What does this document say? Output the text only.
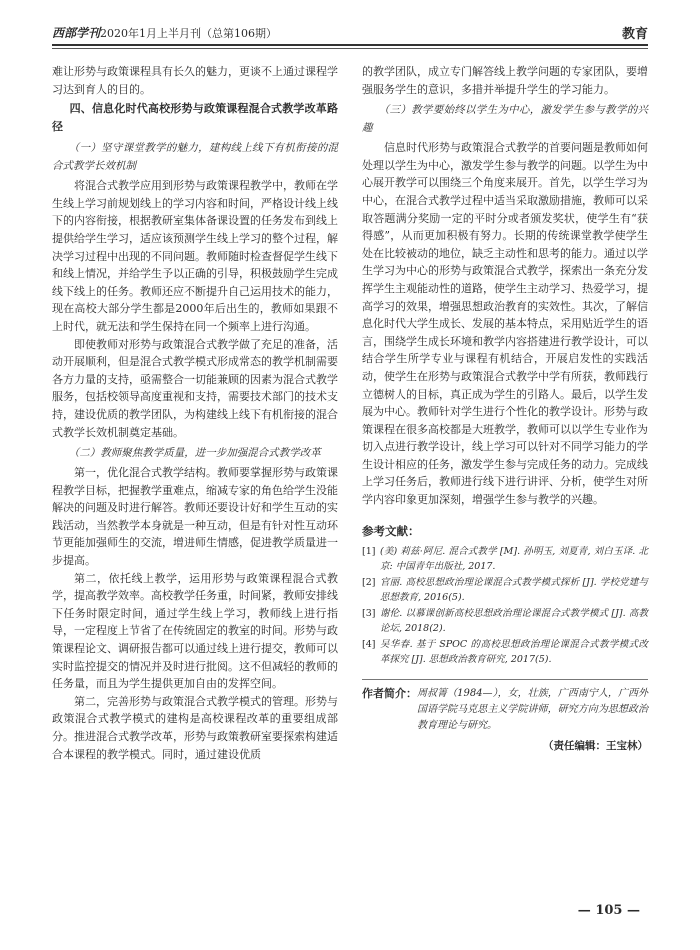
西部学刊2020年1月上半月刊（总第106期）	教育

难让形势与政策课程具有长久的魅力，更谈不上通过课程学习达到育人的目的。

四、信息化时代高校形势与政策课程混合式教学改革路径
（一）坚守课堂教学的魅力，建构线上线下有机衔接的混合式教学长效机制

将混合式教学应用到形势与政策课程教学中，教师在学生线上学习前规划线上的学习内容和时间，严格设计线上线下的内容衔接，根据教研室集体备课设置的任务发布到线上提供给学生学习，适应该预测学生线上学习的整个过程，解决学习过程中出现的不同问题。教师随时检查督促学生线下和线上情况，并给学生予以正确的引导，积极鼓励学生完成线下线上的任务。教师还应不断提升自己运用技术的能力，现在高校大部分学生都是2000年后出生的，教师如果跟不上时代，就无法和学生保持在同一个频率上进行沟通。

即使教师对形势与政策混合式教学做了充足的准备，活动开展顺利，但是混合式教学模式形成常态的教学机制需要各方力量的支持，亟需整合一切能兼顾的因素为混合式教学服务，包括校领导高度重视和支持，需要技术部门的技术支持，建设优质的教学团队，为构建线上线下有机衔接的混合式教学长效机制奠定基础。

（二）教师聚焦教学质量，进一步加强混合式教学改革

第一，优化混合式教学结构。教师要掌握形势与政策课程教学目标，把握教学重难点，缩减专家的角色给学生没能解决的问题及时进行解答。教师还要设计好和学生互动的实践活动，当然教学本身就是一种互动，但是有针对性互动环节更能加强师生的交流，增进师生情感，促进教学质量进一步提高。

第二，依托线上教学，运用形势与政策课程混合式教学，提高教学效率。高校教学任务重，时间紧，教师安排线下任务时限定时间，通过学生线上学习，教师线上进行指导，一定程度上节省了在传统固定的教室的时间。形势与政策课程论文、调研报告都可以通过线上进行提交，教师可以实时监控提交的情况并及时进行批阅。这不但减轻的教师的任务量，而且为学生提供更加自由的发挥空间。

第二，完善形势与政策混合式教学模式的管理。形势与政策混合式教学模式的建构是高校课程改革的重要组成部分。推进混合式教学改革，形势与政策教研室要探索构建适合本课程的教学模式。同时，通过建设优质

的教学团队，成立专门解答线上教学问题的专家团队，要增强服务学生的意识，多措并举提升学生的学习能力。

（三）教学要始终以学生为中心，激发学生参与教学的兴趣

信息时代形势与政策混合式教学的首要问题是教师如何处理以学生为中心，激发学生参与教学的问题。以学生为中心展开教学可以围绕三个角度来展开。首先，以学生学习为中心，在混合式教学过程中适当采取激励措施，教师可以采取答题满分奖励一定的平时分或者颁发奖状，使学生有“获得感”，从而更加积极有努力。长期的传统课堂教学使学生处在比较被动的地位，缺乏主动性和思考的能力。通过以学生学习为中心的形势与政策混合式教学，探索出一条充分发挥学生主观能动性的道路，使学生主动学习、热爱学习，提高学习的效果，增强思想政治教育的实效性。其次，了解信息化时代大学生成长、发展的基本特点，采用贴近学生的语言，围绕学生成长环境和教学内容搭建进行教学设计，可以结合学生所学专业与课程有机结合，开展启发性的实践活动，使学生在形势与政策混合式教学中学有所获，教师践行立德树人的目标，真正成为学生的引路人。最后，以学生发展为中心。教师针对学生进行个性化的教学设计。形势与政策课程在很多高校都是大班教学，教师可以以学生专业作为切入点进行教学设计，线上学习可以针对不同学习能力的学生设计相应的任务，激发学生参与完成任务的动力。完成线上学习任务后，教师进行线下进行讲评、分析，使学生对所学内容印象更加深刻，增强学生参与教学的兴趣。

参考文献：
[1] (美) 莉兹·阿尼. 混合式教学 [M]. 孙明玉, 刘夏青, 刘白玉译. 北京: 中国青年出版社, 2017.
[2] 官丽. 高校思想政治理论课混合式教学模式探析 [J]. 学校党建与思想教育, 2016(5).
[3] 谢伦. 以慕课创新高校思想政治理论课混合式教学模式 [J]. 高教论坛, 2018(2).
[4] 吴华春. 基于 SPOC 的高校思想政治理论课混合式教学模式改革探究 [J]. 思想政治教育研究, 2017(5).
作者简介： 周叔箐（1984—），女，壮族，广西南宁人，广西外国语学院马克思主义学院讲师，研究方向为思想政治教育理论与研究。
（责任编辑：王宝林）
— 105 —
